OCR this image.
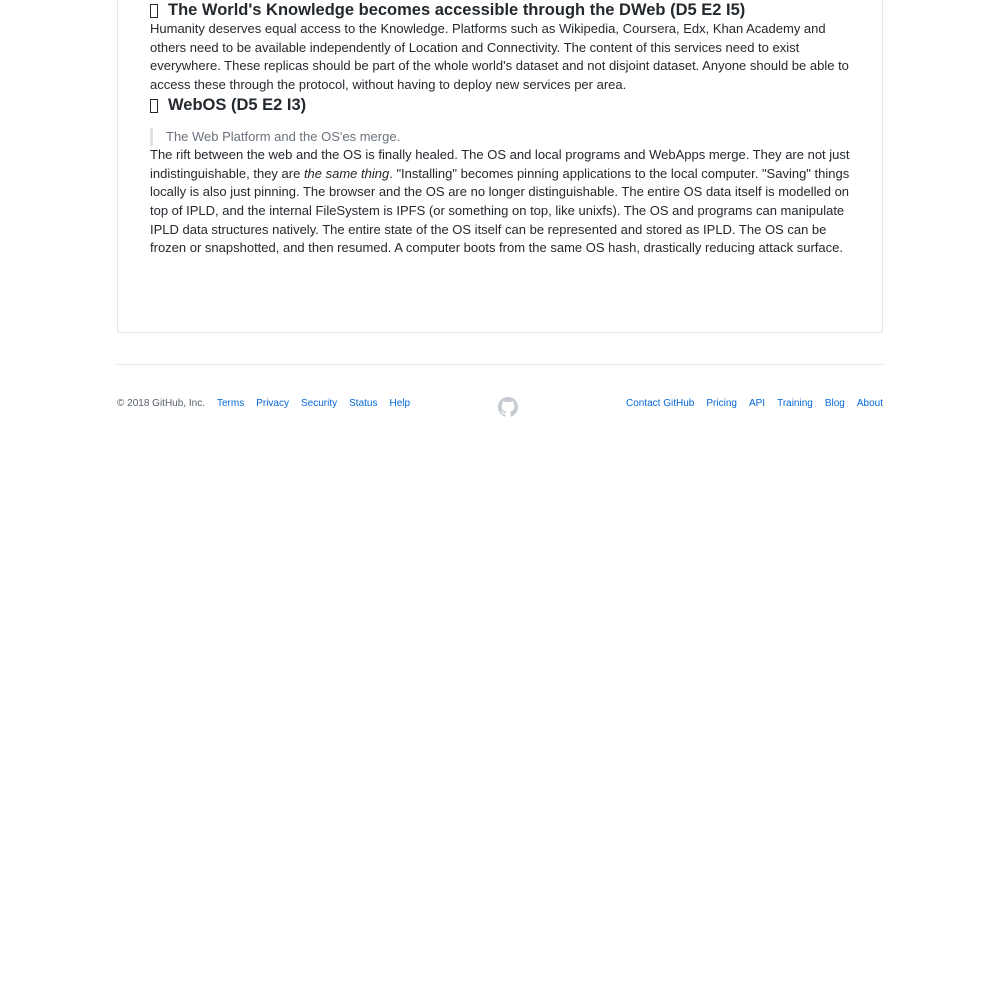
The World's Knowledge becomes accessible through the DWeb (D5 E2 I5)

Humanity deserves equal access to the Knowledge. Platforms such as Wikipedia, Coursera, Edx, Khan Academy and others need to be available independently of Location and Connectivity. The content of this services need to exist everywhere. These replicas should be part of the whole world's dataset and not disjoint dataset. Anyone should be able to access these through the protocol, without having to deploy new services per area.

WebOS (D5 E2 I3)
The Web Platform and the OS'es merge.

The rift between the web and the OS is finally healed. The OS and local programs and WebApps merge. They are not just indistinguishable, they are the same thing. "Installing" becomes pinning applications to the local computer. "Saving" things locally is also just pinning. The browser and the OS are no longer distinguishable. The entire OS data itself is modelled on top of IPLD, and the internal FileSystem is IPFS (or something on top, like unixfs). The OS and programs can manipulate IPLD data structures natively. The entire state of the OS itself can be represented and stored as IPLD. The OS can be frozen or snapshotted, and then resumed. A computer boots from the same OS hash, drastically reducing attack surface.

© 2018 GitHub, Inc. Terms Privacy Security Status Help	Contact GitHub Pricing API Training Blog About
